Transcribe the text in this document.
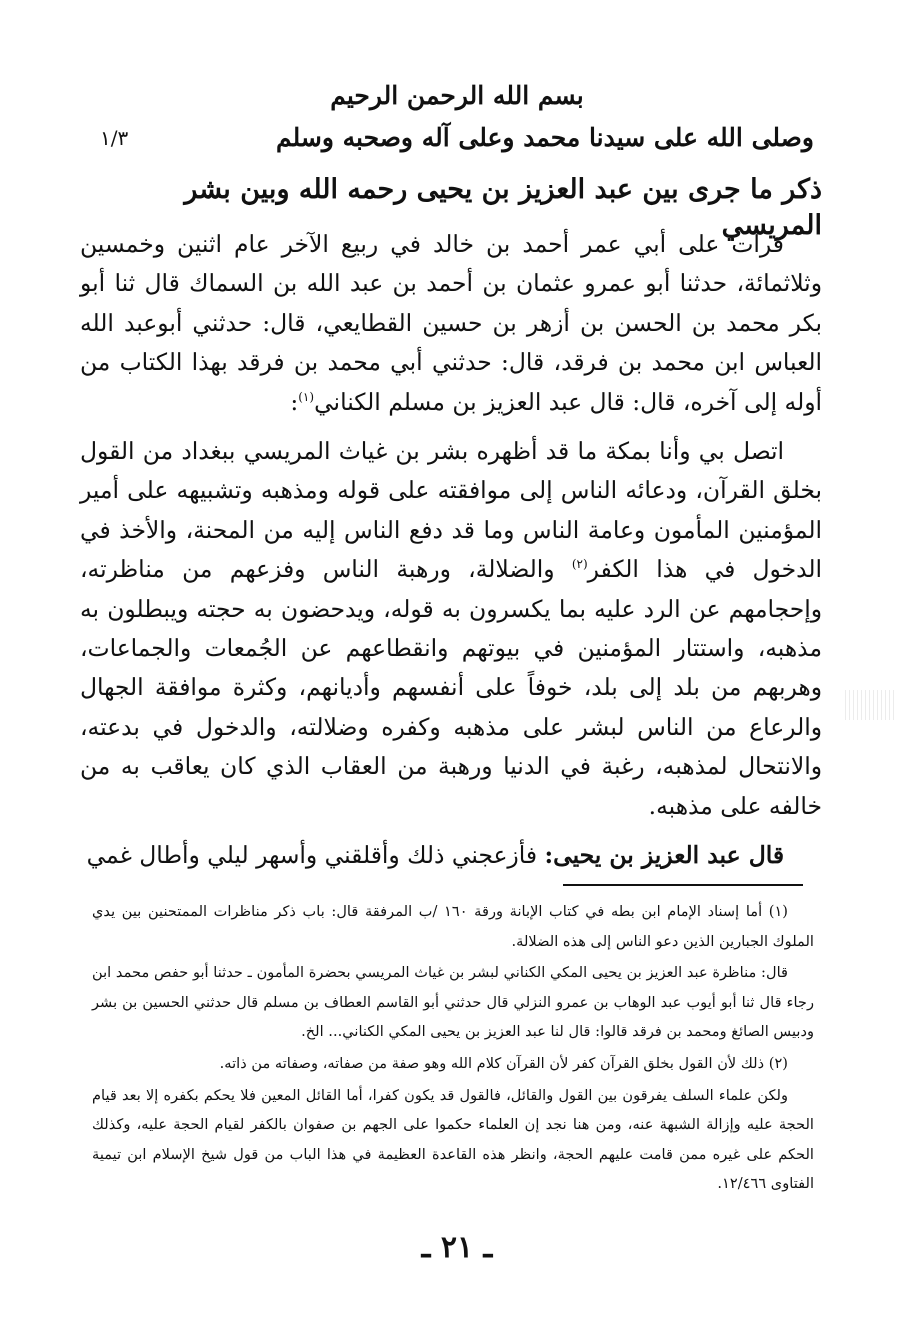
بسم الله الرحمن الرحيم
١/٣	وصلى الله على سيدنا محمد وعلى آله وصحبه وسلم
ذكر ما جرى بين عبد العزيز بن يحيى رحمه الله وبين بشر المريسي

قرأت على أبي عمر أحمد بن خالد في ربيع الآخر عام اثنين وخمسين وثلاثمائة، حدثنا أبو عمرو عثمان بن أحمد بن عبد الله بن السماك قال ثنا أبو بكر محمد بن الحسن بن أزهر بن حسين القطايعي، قال: حدثني أبوعبد الله العباس ابن محمد بن فرقد، قال: حدثني أبي محمد بن فرقد بهذا الكتاب من أوله إلى آخره، قال: قال عبد العزيز بن مسلم الكناني$^{(١)}$:

اتصل بي وأنا بمكة ما قد أظهره بشر بن غياث المريسي ببغداد من القول بخلق القرآن، ودعائه الناس إلى موافقته على قوله ومذهبه وتشبيهه على أمير المؤمنين المأمون وعامة الناس وما قد دفع الناس إليه من المحنة، والأخذ في الدخول في هذا الكفر$^{(٢)}$ والضلالة، ورهبة الناس وفزعهم من مناظرته، وإحجامهم عن الرد عليه بما يكسرون به قوله، ويدحضون به حجته ويبطلون به مذهبه، واستتار المؤمنين في بيوتهم وانقطاعهم عن الجُمعات والجماعات، وهربهم من بلد إلى بلد، خوفاً على أنفسهم وأديانهم، وكثرة موافقة الجهال والرعاع من الناس لبشر على مذهبه وكفره وضلالته، والدخول في بدعته، والانتحال لمذهبه، رغبة في الدنيا ورهبة من العقاب الذي كان يعاقب به من خالفه على مذهبه.

قال عبد العزيز بن يحيى: فأزعجني ذلك وأقلقني وأسهر ليلي وأطال غمي

(١) أما إسناد الإمام ابن بطه في كتاب الإبانة ورقة ١٦٠ /ب المرفقة قال: باب ذكر مناظرات الممتحنين بين يدي الملوك الجبارين الذين دعو الناس إلى هذه الضلالة.

قال: مناظرة عبد العزيز بن يحيى المكي الكناني لبشر بن غياث المريسي بحضرة المأمون ـ حدثنا أبو حفص محمد ابن رجاء قال ثنا أبو أيوب عبد الوهاب بن عمرو النزلي قال حدثني أبو القاسم العطاف بن مسلم قال حدثني الحسين بن بشر ودبيس الصائغ ومحمد بن فرقد قالوا: قال لنا عبد العزيز بن يحيى المكي الكناني... الخ.

(٢) ذلك لأن القول بخلق القرآن كفر لأن القرآن كلام الله وهو صفة من صفاته، وصفاته من ذاته.

ولكن علماء السلف يفرقون بين القول والقائل، فالقول قد يكون كفرا، أما القائل المعين فلا يحكم بكفره إلا بعد قيام الحجة عليه وإزالة الشبهة عنه، ومن هنا نجد إن العلماء حكموا على الجهم بن صفوان بالكفر لقيام الحجة عليه، وكذلك الحكم على غيره ممن قامت عليهم الحجة، وانظر هذه القاعدة العظيمة في هذا الباب من قول شيخ الإسلام ابن تيمية الفتاوى ١٢/٤٦٦.

ـ ٢١ ـ
